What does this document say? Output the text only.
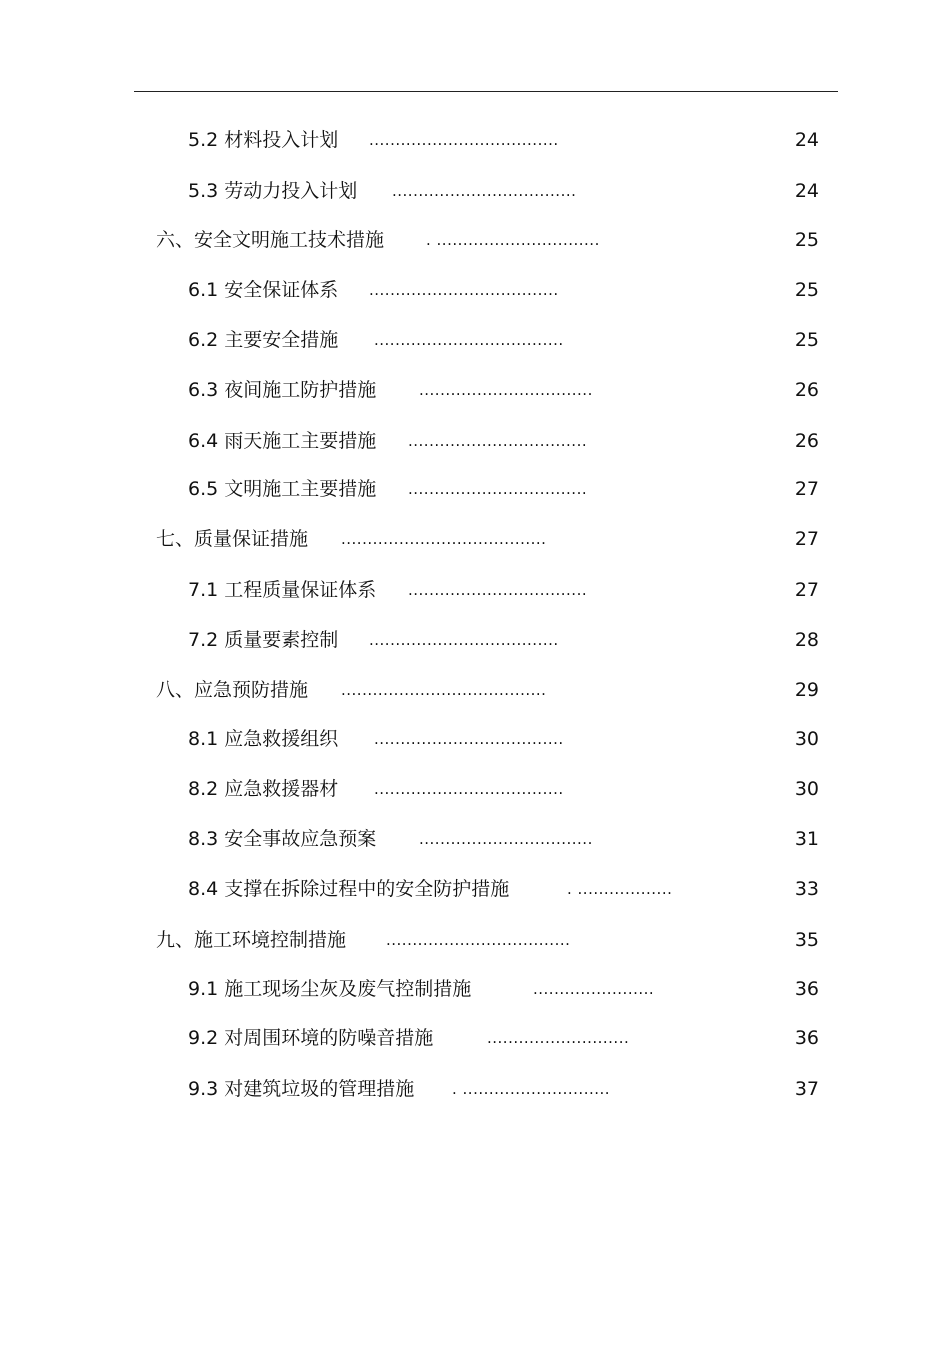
5.2 材料投入计划 ....................................	24
5.3 劳动力投入计划 ...................................	24
六、安全文明施工技术措施	. ...............................	25
6.1 安全保证体系 ....................................	25
6.2 主要安全措施 ....................................	25
6.3 夜间施工防护措施	.................................	26
6.4 雨天施工主要措施 ..................................	26
6.5 文明施工主要措施 ..................................	27
七、质量保证措施 .......................................	27
7.1 工程质量保证体系 ..................................	27
7.2 质量要素控制 ....................................	28
八、应急预防措施 .......................................	29
8.1 应急救援组织 ....................................	30
8.2 应急救援器材 ....................................	30
8.3 安全事故应急预案	.................................	31
8.4 支撑在拆除过程中的安全防护措施	. ..................	33
九、施工环境控制措施	...................................	35
9.1 施工现场尘灰及废气控制措施	.......................	36
9.2 对周围环境的防噪音措施	...........................	36
9.3 对建筑垃圾的管理措施	. ............................	37
